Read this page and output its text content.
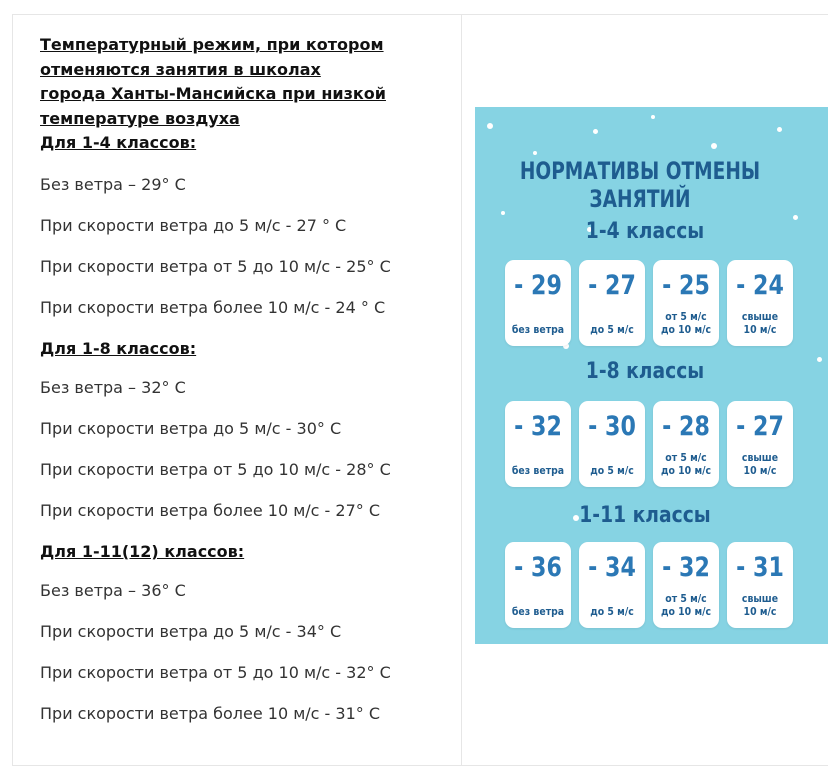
Температурный режим, при котором
отменяются занятия в школах
города Ханты-Мансийска при низкой
температуре воздуха
Для 1-4 классов:
Без ветра – 29° С
При скорости ветра до 5 м/с - 27 ° С
При скорости ветра от 5 до 10 м/с - 25° С
При скорости ветра более 10 м/с - 24 ° С
Для 1-8 классов:
Без ветра – 32° С
При скорости ветра до 5 м/с - 30° С
При скорости ветра от 5 до 10 м/с - 28° С
При скорости ветра более 10 м/с - 27° С
Для 1-11(12) классов:
Без ветра – 36° С
При скорости ветра до 5 м/с - 34° С
При скорости ветра от 5 до 10 м/с - 32° С
При скорости ветра более 10 м/с - 31° С
НОРМАТИВЫ ОТМЕНЫ ЗАНЯТИЙ
1-4 классы
- 29
без ветра
- 27
до 5 м/с
- 25
от 5 м/с
до 10 м/с
- 24
свыше
10 м/с
1-8 классы
- 32
без ветра
- 30
до 5 м/с
- 28
от 5 м/с
до 10 м/с
- 27
свыше
10 м/с
1-11 классы
- 36
без ветра
- 34
до 5 м/с
- 32
от 5 м/с
до 10 м/с
- 31
свыше
10 м/с
